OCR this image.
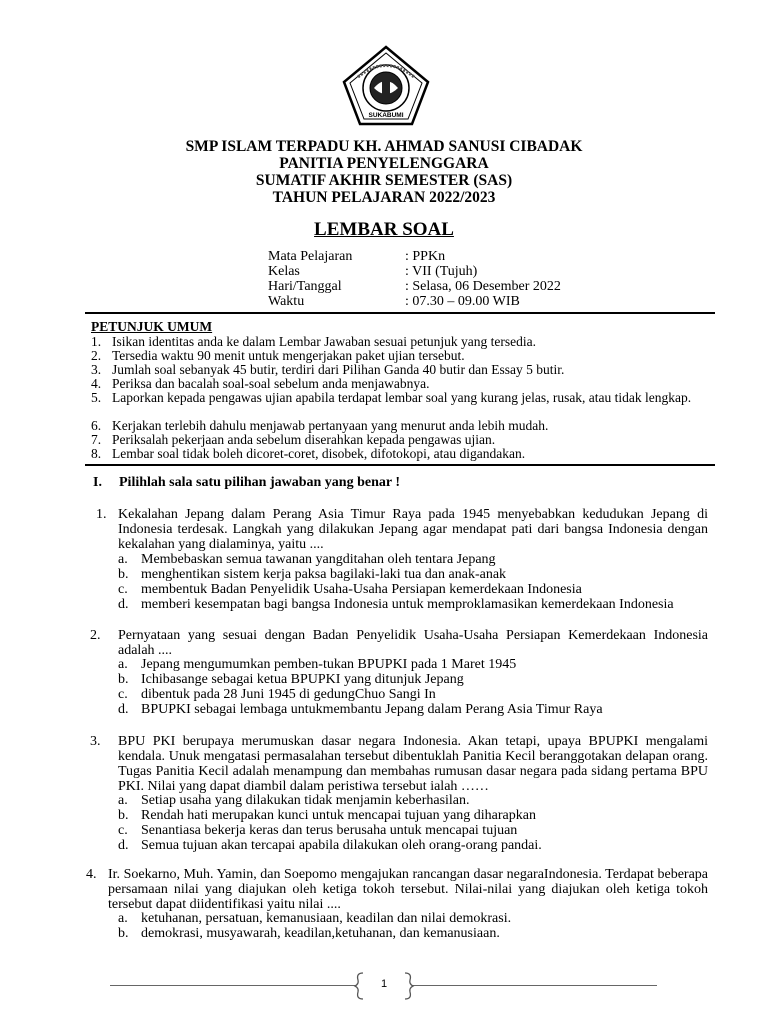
SUKABUMI
SMP ISLAM TERPADU KH. AHMAD SANUSI CIBADAK
PANITIA PENYELENGGARA
SUMATIF AKHIR SEMESTER (SAS)
TAHUN PELAJARAN 2022/2023
LEMBAR SOAL
Mata Pelajaran	: PPKn
Kelas	: VII (Tujuh)
Hari/Tanggal	: Selasa, 06 Desember 2022
Waktu	: 07.30 – 09.00 WIB
PETUNJUK UMUM
1. Isikan identitas anda ke dalam Lembar Jawaban sesuai petunjuk yang tersedia.
2. Tersedia waktu 90 menit untuk mengerjakan paket ujian tersebut.
3. Jumlah soal sebanyak 45 butir, terdiri dari Pilihan Ganda 40 butir dan Essay 5 butir.
4. Periksa dan bacalah soal-soal sebelum anda menjawabnya.
5. Laporkan kepada pengawas ujian apabila terdapat lembar soal yang kurang jelas, rusak, atau tidak lengkap.
6. Kerjakan terlebih dahulu menjawab pertanyaan yang menurut anda lebih mudah.
7. Periksalah pekerjaan anda sebelum diserahkan kepada pengawas ujian.
8. Lembar soal tidak boleh dicoret-coret, disobek, difotokopi, atau digandakan.
I. Pilihlah sala satu pilihan jawaban yang benar !
1. Kekalahan Jepang dalam Perang Asia Timur Raya pada 1945 menyebabkan kedudukan Jepang di Indonesia terdesak. Langkah yang dilakukan Jepang agar mendapat pati dari bangsa Indonesia dengan kekalahan yang dialaminya, yaitu ....
a. Membebaskan semua tawanan yangditahan oleh tentara Jepang
b. menghentikan sistem kerja paksa bagilaki-laki tua dan anak-anak
c. membentuk Badan Penyelidik Usaha-Usaha Persiapan kemerdekaan Indonesia
d. memberi kesempatan bagi bangsa Indonesia untuk memproklamasikan kemerdekaan Indonesia
2. Pernyataan yang sesuai dengan Badan Penyelidik Usaha-Usaha Persiapan Kemerdekaan Indonesia adalah ....
a. Jepang mengumumkan pemben-tukan BPUPKI pada 1 Maret 1945
b. Ichibasange sebagai ketua BPUPKI yang ditunjuk Jepang
c. dibentuk pada 28 Juni 1945 di gedungChuo Sangi In
d. BPUPKI sebagai lembaga untukmembantu Jepang dalam Perang Asia Timur Raya
3. BPU PKI berupaya merumuskan dasar negara Indonesia. Akan tetapi, upaya BPUPKI mengalami kendala. Unuk mengatasi permasalahan tersebut dibentuklah Panitia Kecil beranggotakan delapan orang. Tugas Panitia Kecil adalah menampung dan membahas rumusan dasar negara pada sidang pertama BPU PKI. Nilai yang dapat diambil dalam peristiwa tersebut ialah ……
a. Setiap usaha yang dilakukan tidak menjamin keberhasilan.
b. Rendah hati merupakan kunci untuk mencapai tujuan yang diharapkan
c. Senantiasa bekerja keras dan terus berusaha untuk mencapai tujuan
d. Semua tujuan akan tercapai apabila dilakukan oleh orang-orang pandai.
4. Ir. Soekarno, Muh. Yamin, dan Soepomo mengajukan rancangan dasar negaraIndonesia. Terdapat beberapa persamaan nilai yang diajukan oleh ketiga tokoh tersebut. Nilai-nilai yang diajukan oleh ketiga tokoh tersebut dapat diidentifikasi yaitu nilai ....
a. ketuhanan, persatuan, kemanusiaan, keadilan dan nilai demokrasi.
b. demokrasi, musyawarah, keadilan,ketuhanan, dan kemanusiaan.
1
